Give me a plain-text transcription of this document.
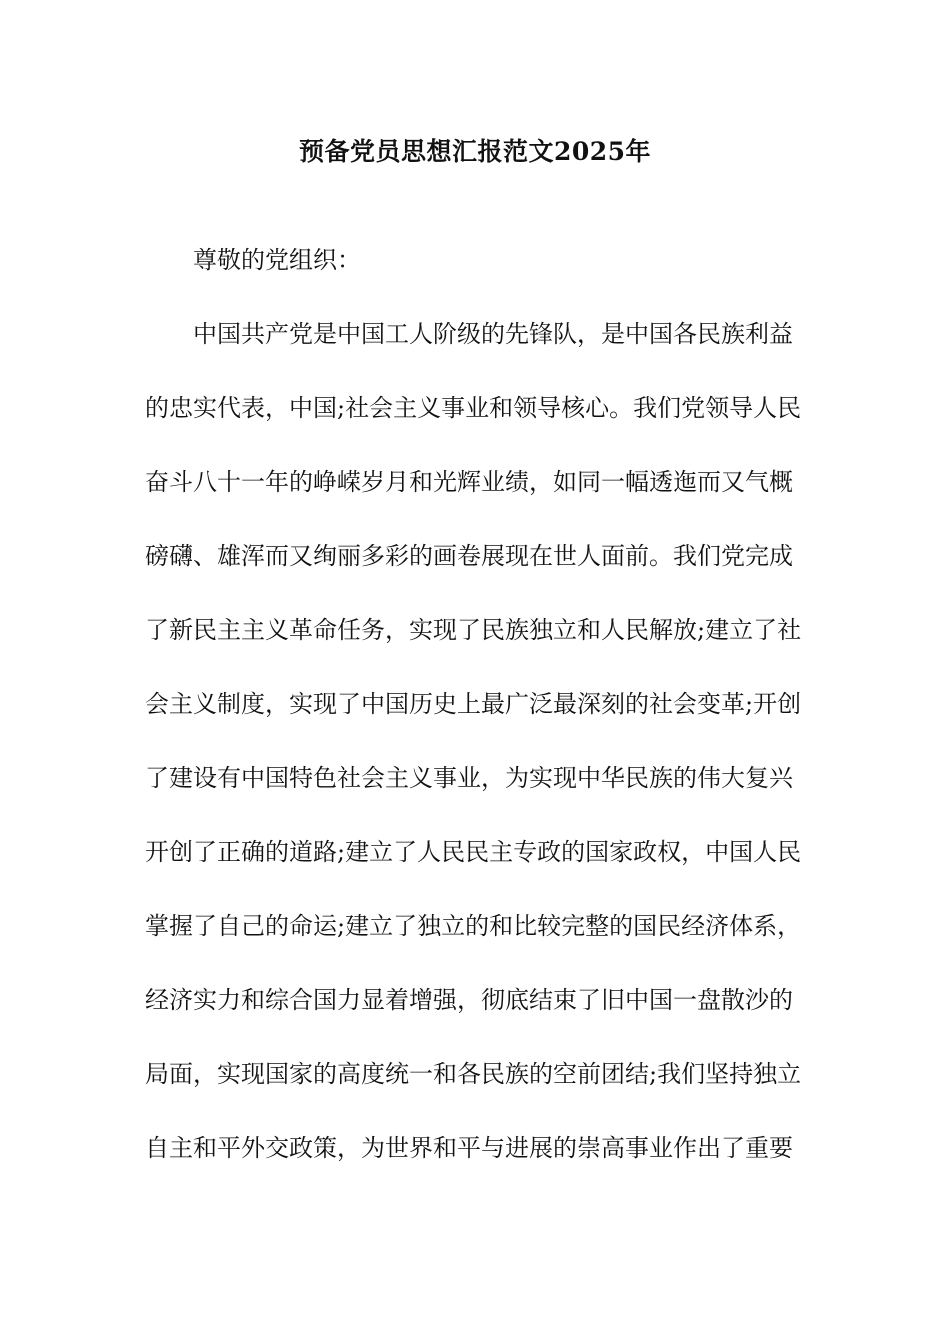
预备党员思想汇报范文2025年
尊敬的党组织：
中国共产党是中国工人阶级的先锋队，是中国各民族利益
的忠实代表，中国;社会主义事业和领导核心。我们党领导人民
奋斗八十一年的峥嵘岁月和光辉业绩，如同一幅透迤而又气概
磅礴、雄浑而又绚丽多彩的画卷展现在世人面前。我们党完成
了新民主主义革命任务，实现了民族独立和人民解放;建立了社
会主义制度，实现了中国历史上最广泛最深刻的社会变革;开创
了建设有中国特色社会主义事业，为实现中华民族的伟大复兴
开创了正确的道路;建立了人民民主专政的国家政权，中国人民
掌握了自己的命运;建立了独立的和比较完整的国民经济体系，
经济实力和综合国力显着增强，彻底结束了旧中国一盘散沙的
局面，实现国家的高度统一和各民族的空前团结;我们坚持独立
自主和平外交政策，为世界和平与进展的崇高事业作出了重要
